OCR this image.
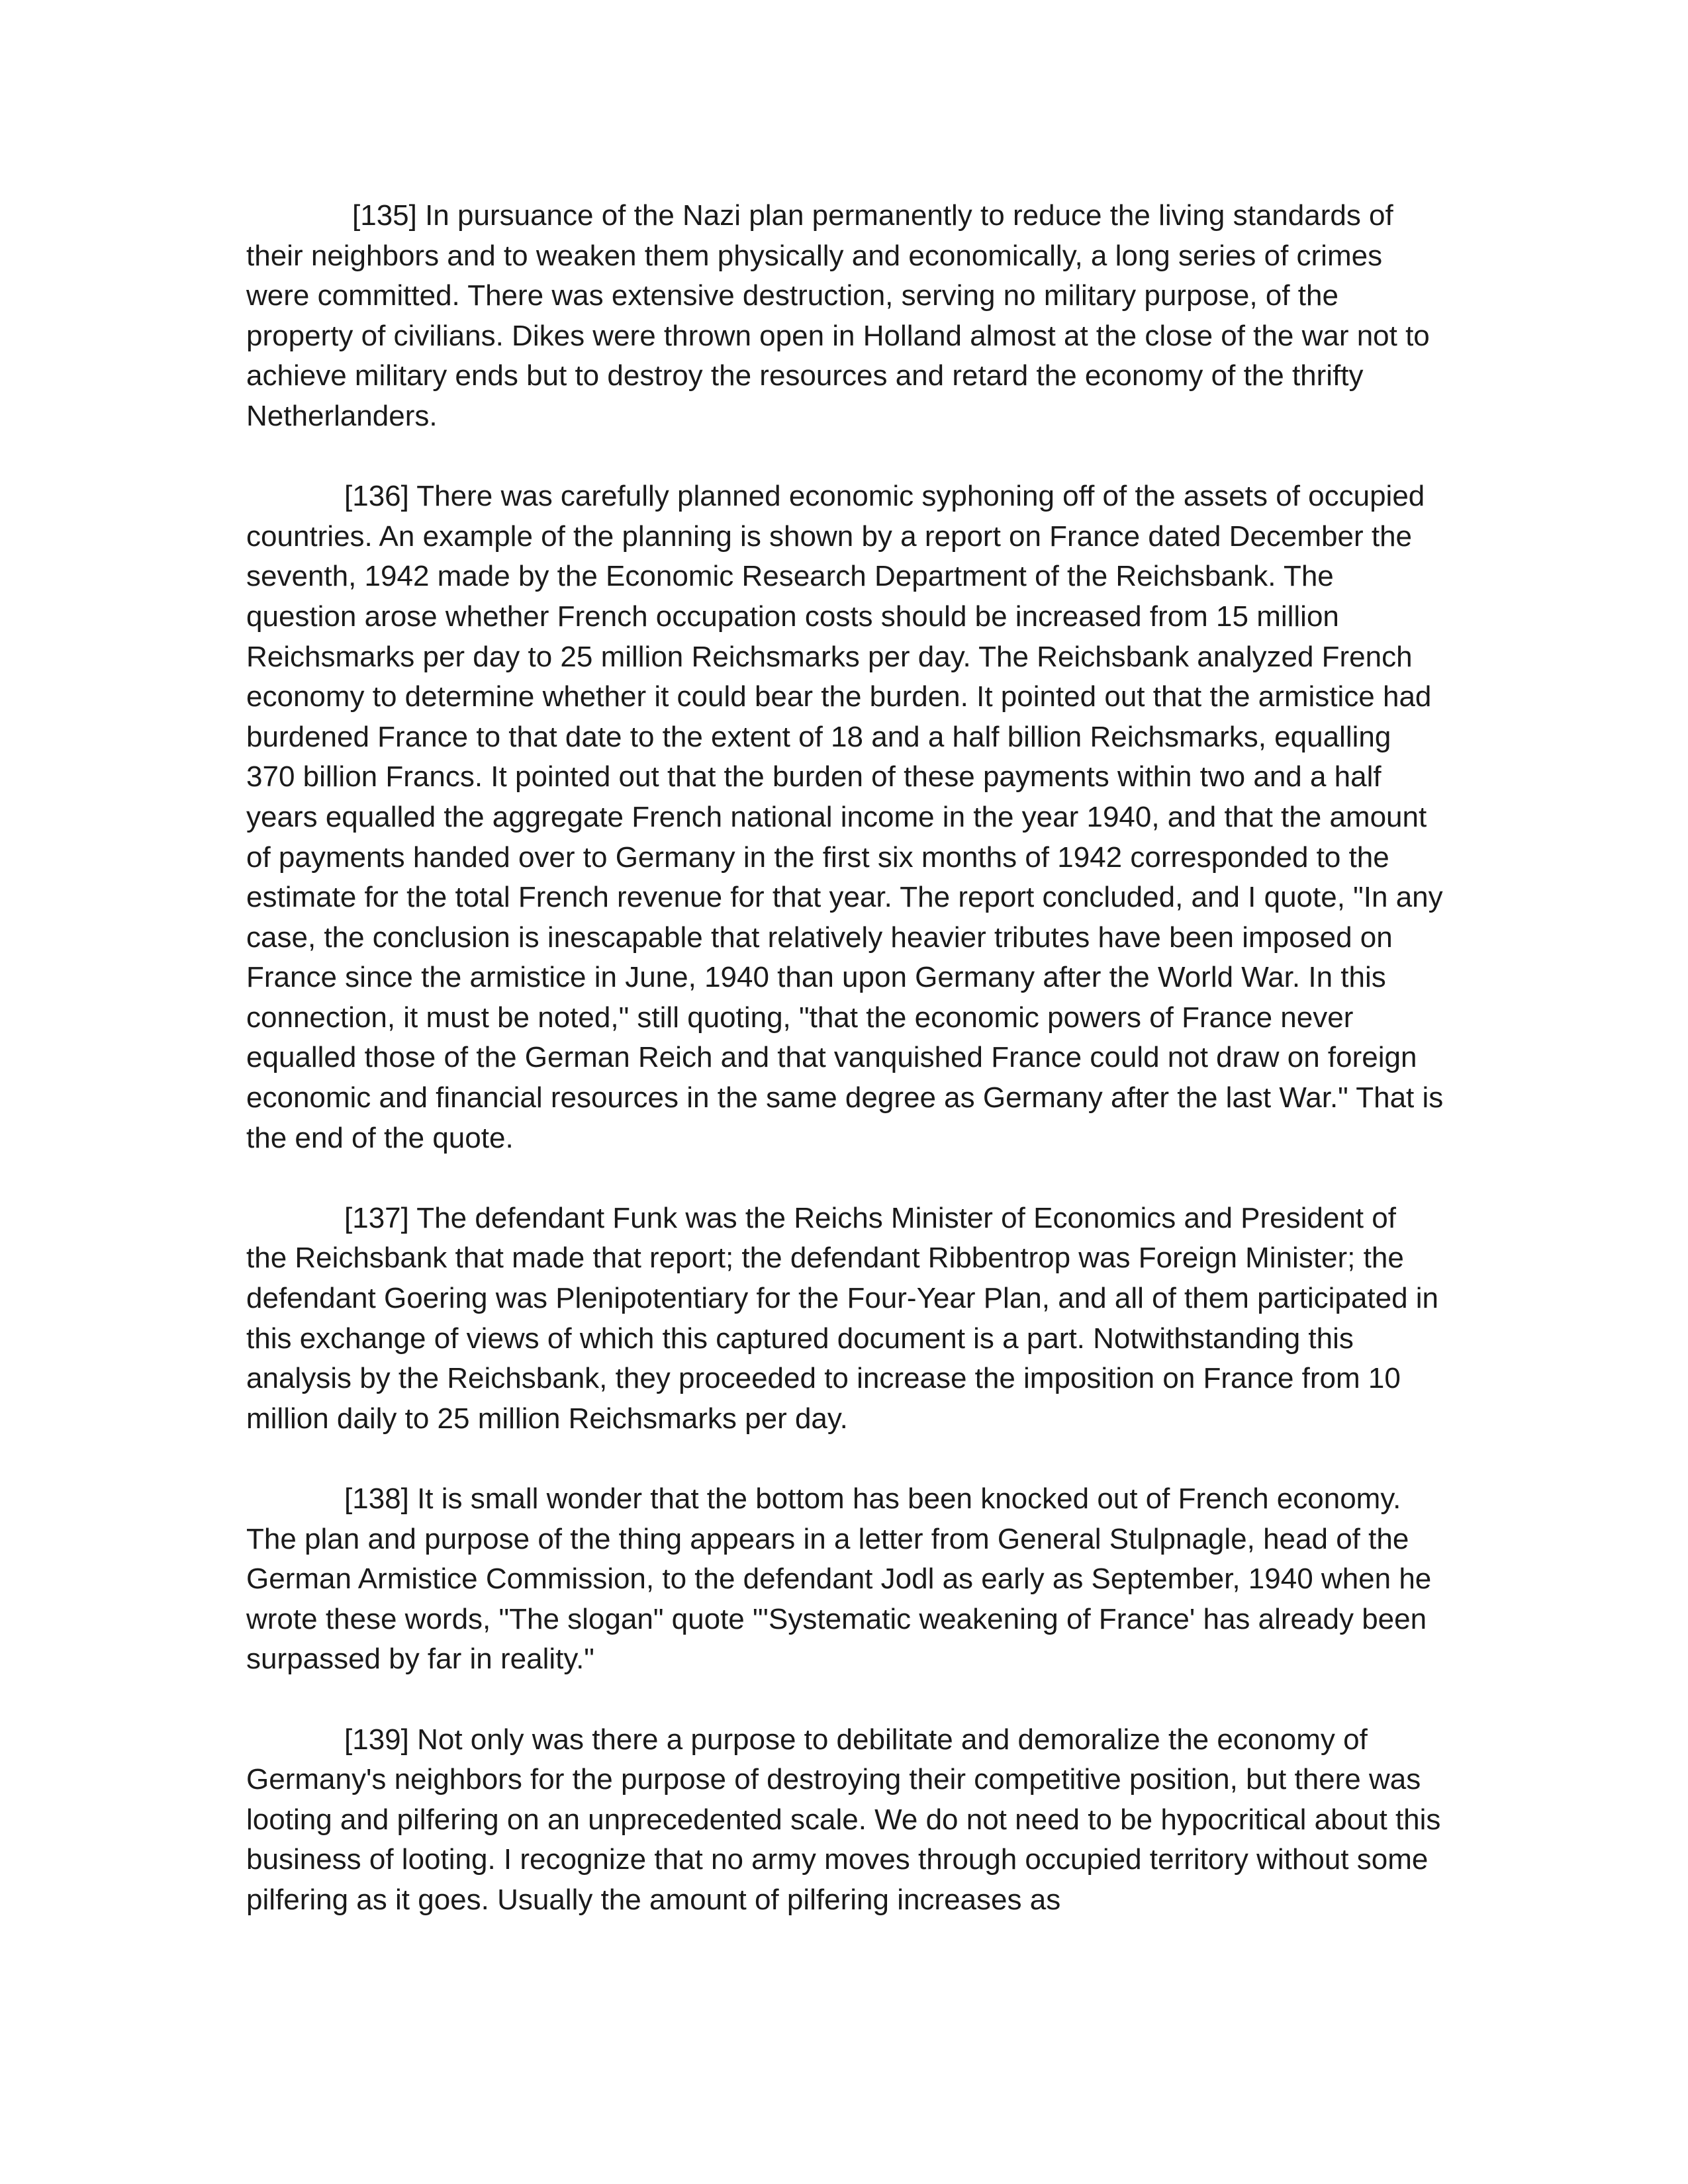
[135] In pursuance of the Nazi plan permanently to reduce the living standards of their neighbors and to weaken them physically and economically, a long series of crimes were committed. There was extensive destruction, serving no military purpose, of the property of civilians. Dikes were thrown open in Holland almost at the close of the war not to achieve military ends but to destroy the resources and retard the economy of the thrifty Netherlanders.

[136] There was carefully planned economic syphoning off of the assets of occupied countries. An example of the planning is shown by a report on France dated December the seventh, 1942 made by the Economic Research Department of the Reichsbank. The question arose whether French occupation costs should be increased from 15 million Reichsmarks per day to 25 million Reichsmarks per day. The Reichsbank analyzed French economy to determine whether it could bear the burden. It pointed out that the armistice had burdened France to that date to the extent of 18 and a half billion Reichsmarks, equalling 370 billion Francs. It pointed out that the burden of these payments within two and a half years equalled the aggregate French national income in the year 1940, and that the amount of payments handed over to Germany in the first six months of 1942 corresponded to the estimate for the total French revenue for that year. The report concluded, and I quote, "In any case, the conclusion is inescapable that relatively heavier tributes have been imposed on France since the armistice in June, 1940 than upon Germany after the World War. In this connection, it must be noted," still quoting, "that the economic powers of France never equalled those of the German Reich and that vanquished France could not draw on foreign economic and financial resources in the same degree as Germany after the last War." That is the end of the quote.

[137] The defendant Funk was the Reichs Minister of Economics and President of the Reichsbank that made that report; the defendant Ribbentrop was Foreign Minister; the defendant Goering was Plenipotentiary for the Four-Year Plan, and all of them participated in this exchange of views of which this captured document is a part. Notwithstanding this analysis by the Reichsbank, they proceeded to increase the imposition on France from 10 million daily to 25 million Reichsmarks per day.

[138] It is small wonder that the bottom has been knocked out of French economy. The plan and purpose of the thing appears in a letter from General Stulpnagle, head of the German Armistice Commission, to the defendant Jodl as early as September, 1940 when he wrote these words, "The slogan" quote "'Systematic weakening of France' has already been surpassed by far in reality."

[139] Not only was there a purpose to debilitate and demoralize the economy of Germany's neighbors for the purpose of destroying their competitive position, but there was looting and pilfering on an unprecedented scale. We do not need to be hypocritical about this business of looting. I recognize that no army moves through occupied territory without some pilfering as it goes. Usually the amount of pilfering increases as
